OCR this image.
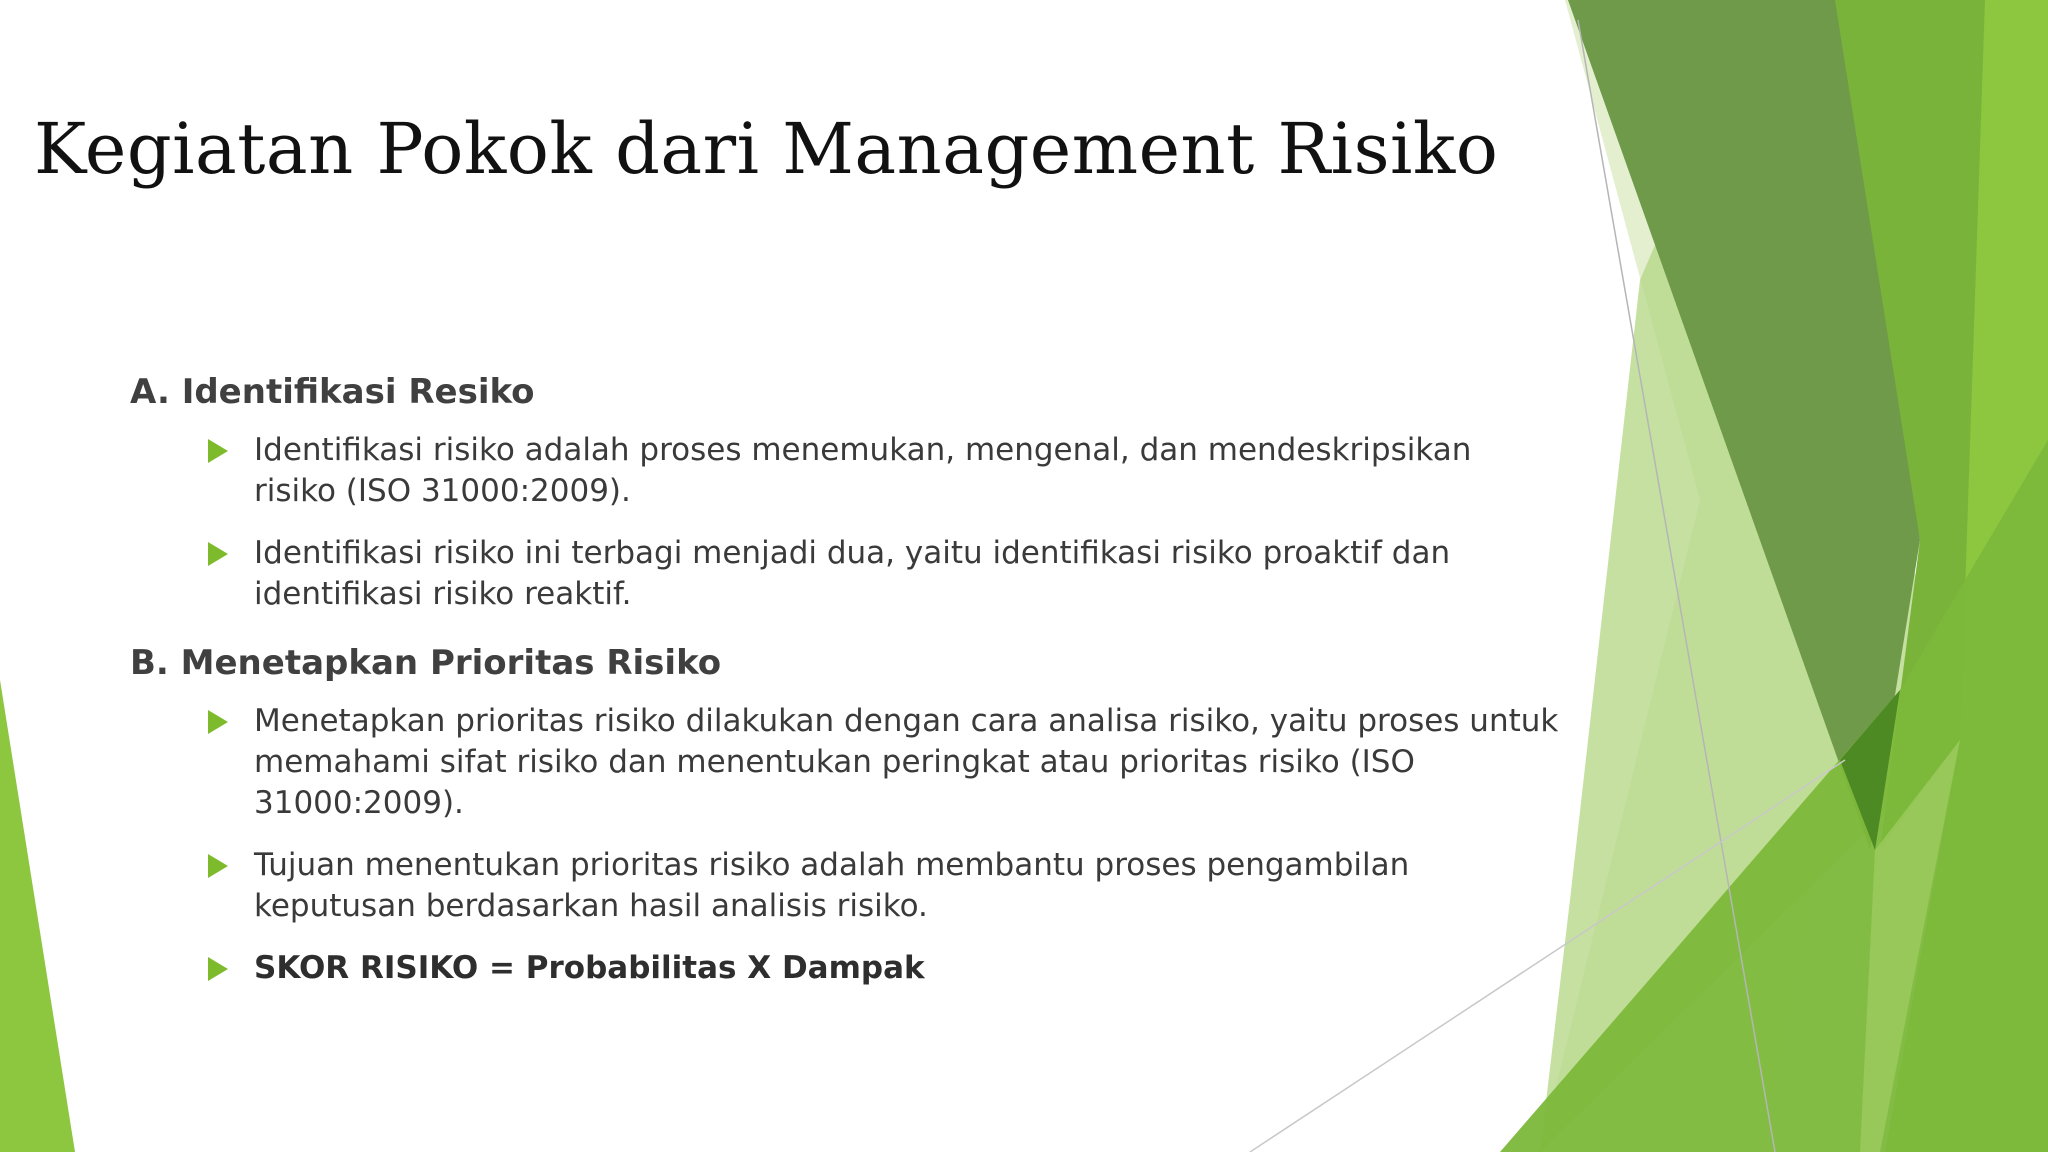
Kegiatan Pokok dari Management Risiko
A. Identifikasi Resiko
Identifikasi risiko adalah proses menemukan, mengenal, dan mendeskripsikan risiko (ISO 31000:2009).
Identifikasi risiko ini terbagi menjadi dua, yaitu identifikasi risiko proaktif dan identifikasi risiko reaktif.
B. Menetapkan Prioritas Risiko
Menetapkan prioritas risiko dilakukan dengan cara analisa risiko, yaitu proses untuk memahami sifat risiko dan menentukan peringkat atau prioritas risiko (ISO 31000:2009).
Tujuan menentukan prioritas risiko adalah membantu proses pengambilan keputusan berdasarkan hasil analisis risiko.
SKOR RISIKO = Probabilitas X Dampak
